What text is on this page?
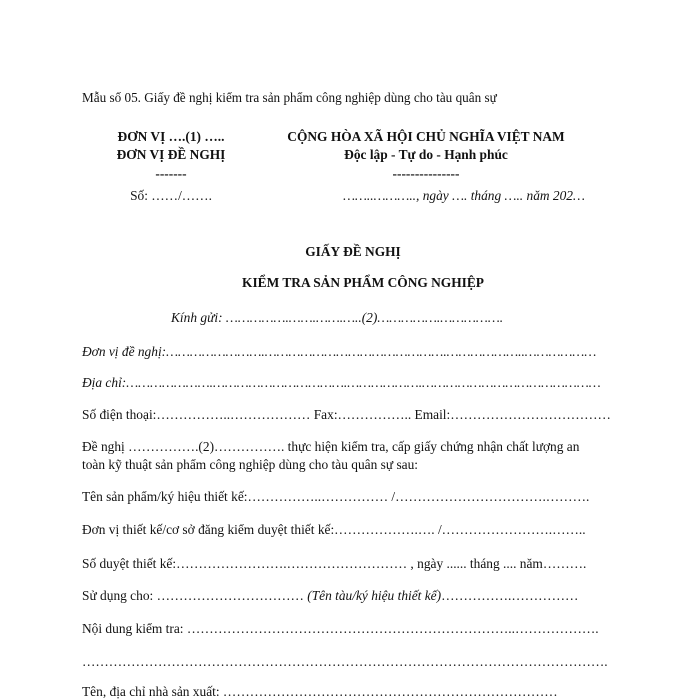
Mẫu số 05. Giấy đề nghị kiểm tra sản phẩm công nghiệp dùng cho tàu quân sự
ĐƠN VỊ ….(1) …..
ĐƠN VỊ ĐỀ NGHỊ
-------
Số: ……/…….
CỘNG HÒA XÃ HỘI CHỦ NGHĨA VIỆT NAM
Độc lập - Tự do - Hạnh phúc
---------------
……..……….., ngày …. tháng ….. năm 202…
GIẤY ĐỀ NGHỊ
KIỂM TRA SẢN PHẨM CÔNG NGHIỆP
Kính gửi: …………….…….…….…..(2)…………….…………….
Đơn vị đề nghị:…………………….……………………………………….………………..………………
Địa chỉ:………………….…………………………….……………….………………………………………
Số điện thoại:……………..……………… Fax:…………….. Email:………………………………
Đề nghị …………….(2)……………. thực hiện kiểm tra, cấp giấy chứng nhận chất lượng an
toàn kỹ thuật sản phẩm công nghiệp dùng cho tàu quân sự sau:
Tên sản phẩm/ký hiệu thiết kế:……………..…………… /…………………………….……….
Đơn vị thiết kế/cơ sở đăng kiểm duyệt thiết kế:……………….…. /…………………….……..
Số duyệt thiết kế:…………………….……………………… , ngày ...... tháng .... năm……….
Sử dụng cho: …………………………… (Tên tàu/ký hiệu thiết kế)…………….……………
Nội dung kiểm tra: ………………………………………………………………..……………….
……………………………………………………………………………………………………….
Tên, địa chỉ nhà sản xuất: …………………………………………………………………
